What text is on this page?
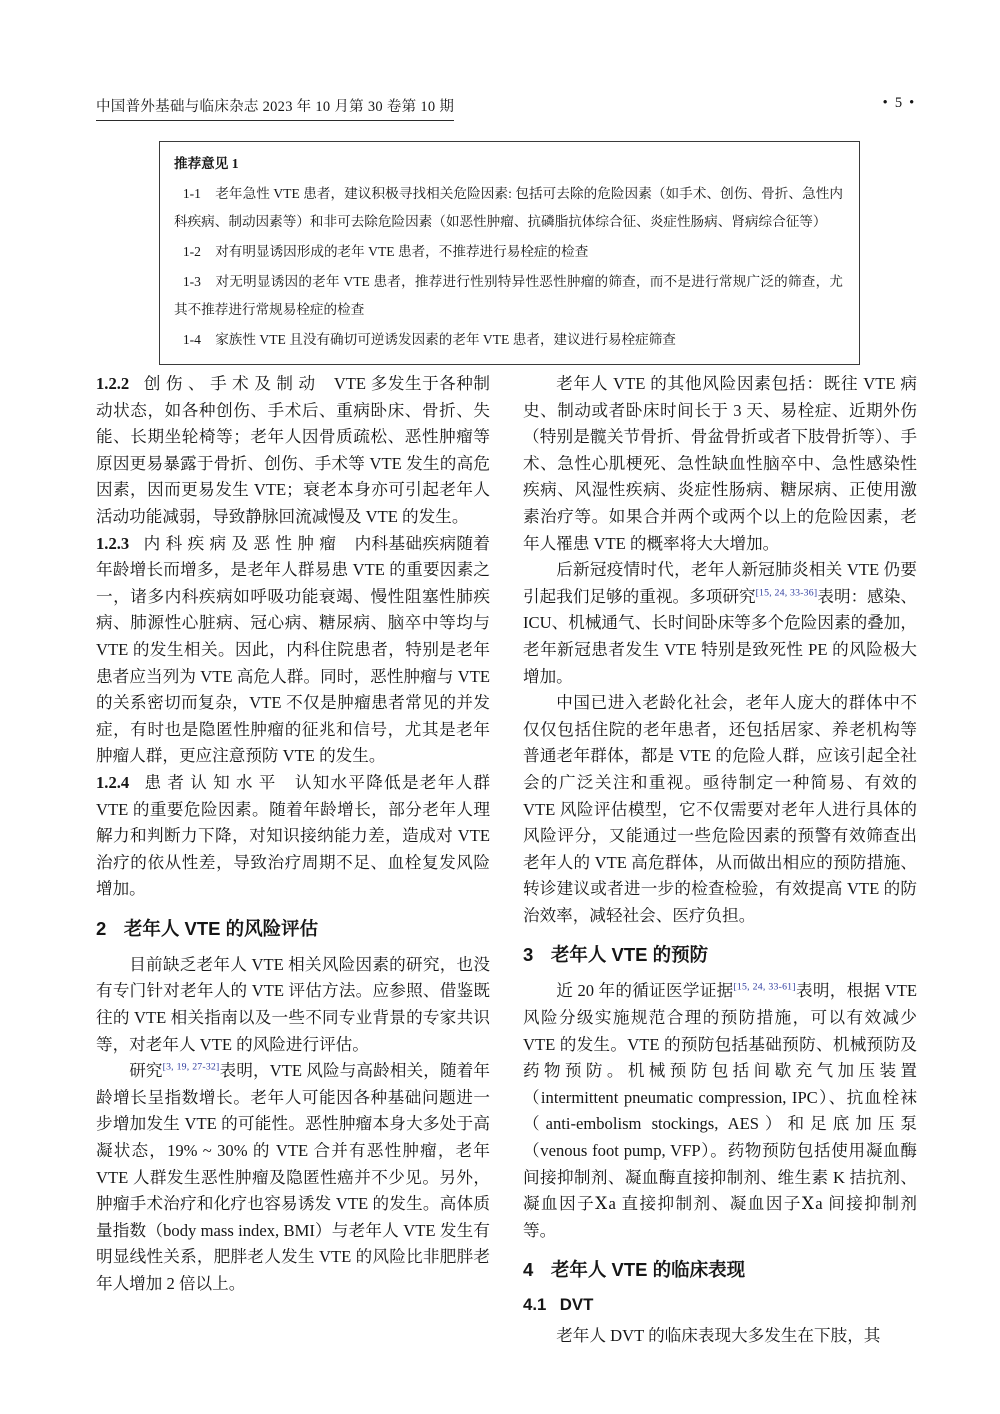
中国普外基础与临床杂志 2023 年 10 月第 30 卷第 10 期	• 5 •

推荐意见 1

1-1 老年急性 VTE 患者，建议积极寻找相关危险因素: 包括可去除的危险因素（如手术、创伤、骨折、急性内科疾病、制动因素等）和非可去除危险因素（如恶性肿瘤、抗磷脂抗体综合征、炎症性肠病、肾病综合征等）

1-2 对有明显诱因形成的老年 VTE 患者，不推荐进行易栓症的检查

1-3 对无明显诱因的老年 VTE 患者，推荐进行性别特异性恶性肿瘤的筛查，而不是进行常规广泛的筛查，尤其不推荐进行常规易栓症的检查

1-4 家族性 VTE 且没有确切可逆诱发因素的老年 VTE 患者，建议进行易栓症筛查

1.2.2 创伤、手术及制动 VTE 多发生于各种制动状态，如各种创伤、手术后、重病卧床、骨折、失能、长期坐轮椅等；老年人因骨质疏松、恶性肿瘤等原因更易暴露于骨折、创伤、手术等 VTE 发生的高危因素，因而更易发生 VTE；衰老本身亦可引起老年人活动功能减弱，导致静脉回流减慢及 VTE 的发生。

1.2.3 内科疾病及恶性肿瘤 内科基础疾病随着年龄增长而增多，是老年人群易患 VTE 的重要因素之一，诸多内科疾病如呼吸功能衰竭、慢性阻塞性肺疾病、肺源性心脏病、冠心病、糖尿病、脑卒中等均与 VTE 的发生相关。因此，内科住院患者，特别是老年患者应当列为 VTE 高危人群。同时，恶性肿瘤与 VTE 的关系密切而复杂，VTE 不仅是肿瘤患者常见的并发症，有时也是隐匿性肿瘤的征兆和信号，尤其是老年肿瘤人群，更应注意预防 VTE 的发生。

1.2.4 患者认知水平 认知水平降低是老年人群 VTE 的重要危险因素。随着年龄增长，部分老年人理解力和判断力下降，对知识接纳能力差，造成对 VTE 治疗的依从性差，导致治疗周期不足、血栓复发风险增加。

2 老年人 VTE 的风险评估

目前缺乏老年人 VTE 相关风险因素的研究，也没有专门针对老年人的 VTE 评估方法。应参照、借鉴既往的 VTE 相关指南以及一些不同专业背景的专家共识等，对老年人 VTE 的风险进行评估。

研究[3, 19, 27-32]表明，VTE 风险与高龄相关，随着年龄增长呈指数增长。老年人可能因各种基础问题进一步增加发生 VTE 的可能性。恶性肿瘤本身大多处于高凝状态，19% ~ 30% 的 VTE 合并有恶性肿瘤，老年 VTE 人群发生恶性肿瘤及隐匿性癌并不少见。另外，肿瘤手术治疗和化疗也容易诱发 VTE 的发生。高体质量指数（body mass index, BMI）与老年人 VTE 发生有明显线性关系，肥胖老人发生 VTE 的风险比非肥胖老年人增加 2 倍以上。

老年人 VTE 的其他风险因素包括：既往 VTE 病史、制动或者卧床时间长于 3 天、易栓症、近期外伤（特别是髋关节骨折、骨盆骨折或者下肢骨折等）、手术、急性心肌梗死、急性缺血性脑卒中、急性感染性疾病、风湿性疾病、炎症性肠病、糖尿病、正使用激素治疗等。如果合并两个或两个以上的危险因素，老年人罹患 VTE 的概率将大大增加。

后新冠疫情时代，老年人新冠肺炎相关 VTE 仍要引起我们足够的重视。多项研究[15, 24, 33-36]表明：感染、ICU、机械通气、长时间卧床等多个危险因素的叠加，老年新冠患者发生 VTE 特别是致死性 PE 的风险极大增加。

中国已进入老龄化社会，老年人庞大的群体中不仅仅包括住院的老年患者，还包括居家、养老机构等普通老年群体，都是 VTE 的危险人群，应该引起全社会的广泛关注和重视。亟待制定一种简易、有效的 VTE 风险评估模型，它不仅需要对老年人进行具体的风险评分，又能通过一些危险因素的预警有效筛查出老年人的 VTE 高危群体，从而做出相应的预防措施、转诊建议或者进一步的检查检验，有效提高 VTE 的防治效率，减轻社会、医疗负担。

3 老年人 VTE 的预防

近 20 年的循证医学证据[15, 24, 33-61]表明，根据 VTE 风险分级实施规范合理的预防措施，可以有效减少 VTE 的发生。VTE 的预防包括基础预防、机械预防及药物预防。机械预防包括间歇充气加压装置（intermittent pneumatic compression, IPC）、抗血栓袜（anti-embolism stockings, AES）和足底加压泵（venous foot pump, VFP）。药物预防包括使用凝血酶间接抑制剂、凝血酶直接抑制剂、维生素 K 拮抗剂、凝血因子Ⅹa 直接抑制剂、凝血因子Ⅹa 间接抑制剂等。

4 老年人 VTE 的临床表现

4.1 DVT

老年人 DVT 的临床表现大多发生在下肢，其
